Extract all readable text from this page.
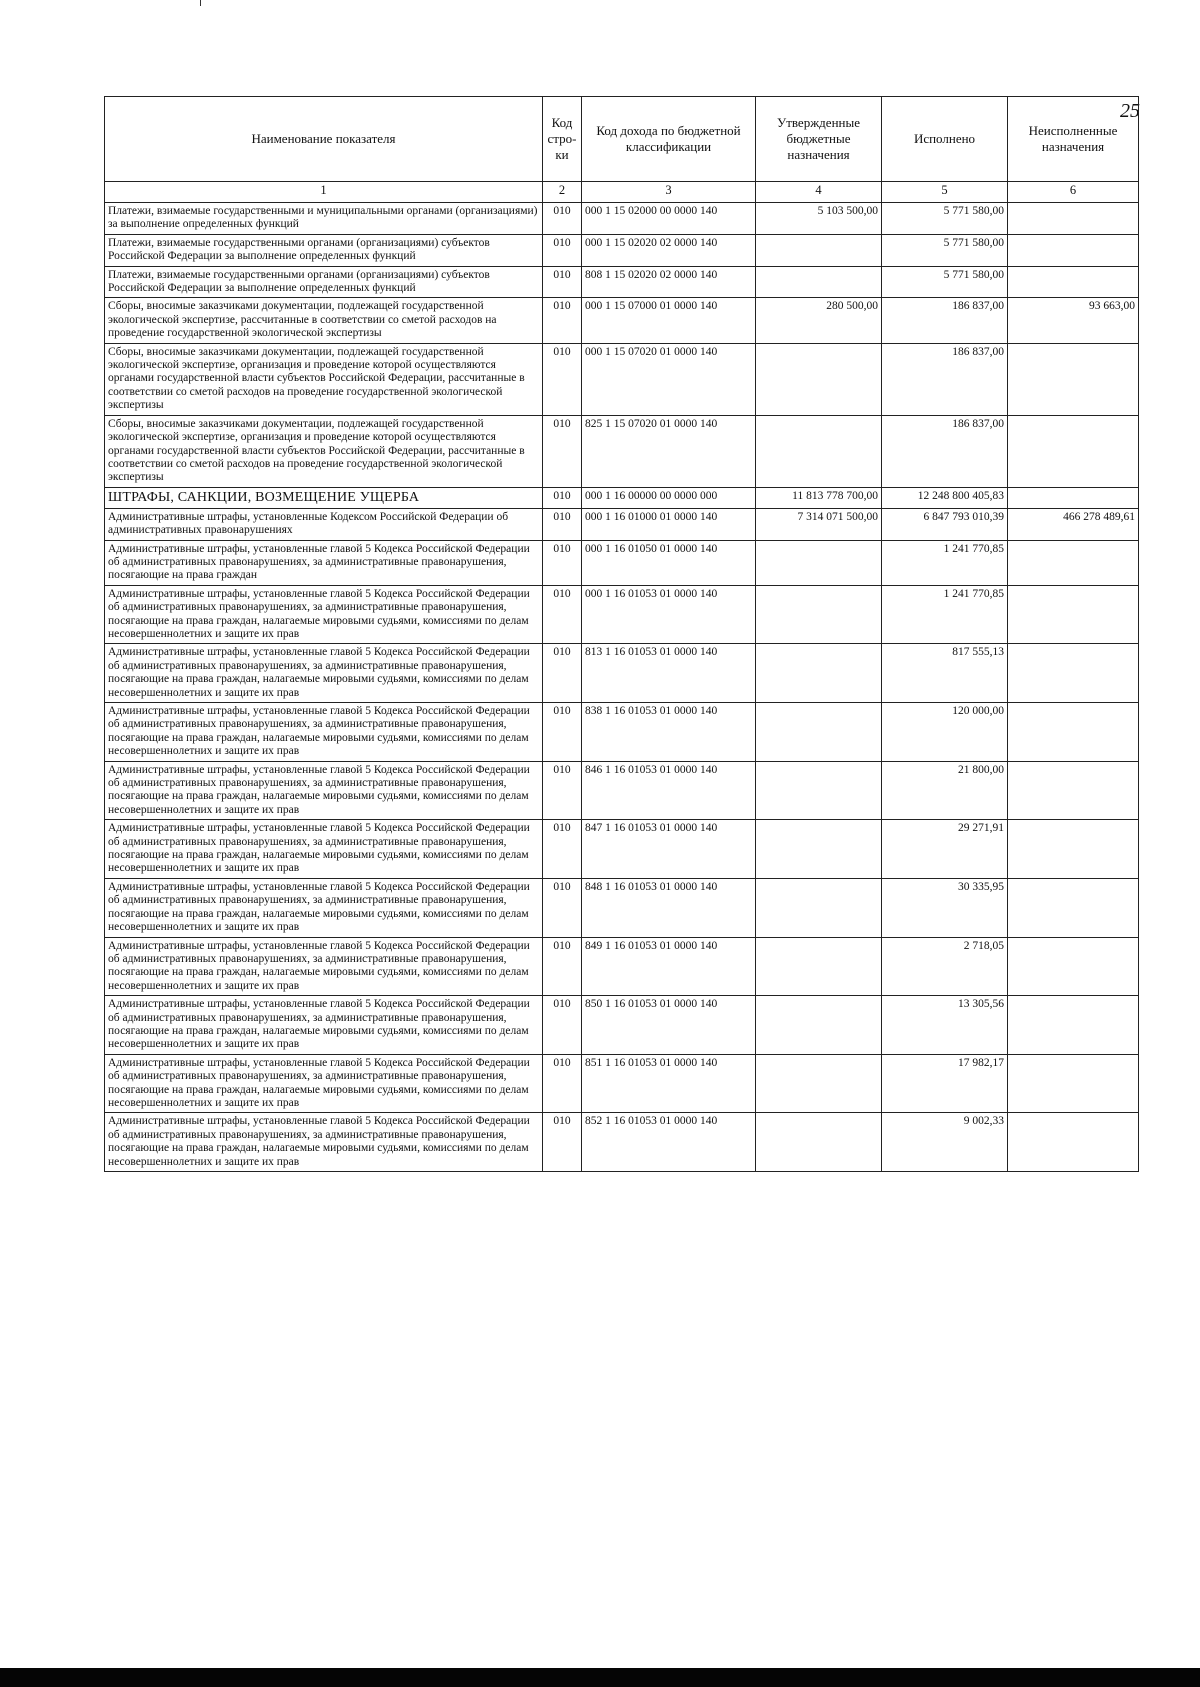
25
Наименование показателя	Код стро- ки	Код дохода по бюджетной классификации	Утвержденные бюджетные назначения	Исполнено	Неисполненные назначения
1	2	3	4	5	6
Платежи, взимаемые государственными и муниципальными органами (организациями) за выполнение определенных функций	010	000 1 15 02000 00 0000 140	5 103 500,00	5 771 580,00	
Платежи, взимаемые государственными органами (организациями) субъектов Российской Федерации за выполнение определенных функций	010	000 1 15 02020 02 0000 140		5 771 580,00	
Платежи, взимаемые государственными органами (организациями) субъектов Российской Федерации за выполнение определенных функций	010	808 1 15 02020 02 0000 140		5 771 580,00	
Сборы, вносимые заказчиками документации, подлежащей государственной экологической экспертизе, рассчитанные в соответствии со сметой расходов на проведение государственной экологической экспертизы	010	000 1 15 07000 01 0000 140	280 500,00	186 837,00	93 663,00
Сборы, вносимые заказчиками документации, подлежащей государственной экологической экспертизе, организация и проведение которой осуществляются органами государственной власти субъектов Российской Федерации, рассчитанные в соответствии со сметой расходов на проведение государственной экологической экспертизы	010	000 1 15 07020 01 0000 140		186 837,00	
Сборы, вносимые заказчиками документации, подлежащей государственной экологической экспертизе, организация и проведение которой осуществляются органами государственной власти субъектов Российской Федерации, рассчитанные в соответствии со сметой расходов на проведение государственной экологической экспертизы	010	825 1 15 07020 01 0000 140		186 837,00	
ШТРАФЫ, САНКЦИИ, ВОЗМЕЩЕНИЕ УЩЕРБА	010	000 1 16 00000 00 0000 000	11 813 778 700,00	12 248 800 405,83	
Административные штрафы, установленные Кодексом Российской Федерации об административных правонарушениях	010	000 1 16 01000 01 0000 140	7 314 071 500,00	6 847 793 010,39	466 278 489,61
Административные штрафы, установленные главой 5 Кодекса Российской Федерации об административных правонарушениях, за административные правонарушения, посягающие на права граждан	010	000 1 16 01050 01 0000 140		1 241 770,85	
Административные штрафы, установленные главой 5 Кодекса Российской Федерации об административных правонарушениях, за административные правонарушения, посягающие на права граждан, налагаемые мировыми судьями, комиссиями по делам несовершеннолетних и защите их прав	010	000 1 16 01053 01 0000 140		1 241 770,85	
Административные штрафы, установленные главой 5 Кодекса Российской Федерации об административных правонарушениях, за административные правонарушения, посягающие на права граждан, налагаемые мировыми судьями, комиссиями по делам несовершеннолетних и защите их прав	010	813 1 16 01053 01 0000 140		817 555,13	
Административные штрафы, установленные главой 5 Кодекса Российской Федерации об административных правонарушениях, за административные правонарушения, посягающие на права граждан, налагаемые мировыми судьями, комиссиями по делам несовершеннолетних и защите их прав	010	838 1 16 01053 01 0000 140		120 000,00	
Административные штрафы, установленные главой 5 Кодекса Российской Федерации об административных правонарушениях, за административные правонарушения, посягающие на права граждан, налагаемые мировыми судьями, комиссиями по делам несовершеннолетних и защите их прав	010	846 1 16 01053 01 0000 140		21 800,00	
Административные штрафы, установленные главой 5 Кодекса Российской Федерации об административных правонарушениях, за административные правонарушения, посягающие на права граждан, налагаемые мировыми судьями, комиссиями по делам несовершеннолетних и защите их прав	010	847 1 16 01053 01 0000 140		29 271,91	
Административные штрафы, установленные главой 5 Кодекса Российской Федерации об административных правонарушениях, за административные правонарушения, посягающие на права граждан, налагаемые мировыми судьями, комиссиями по делам несовершеннолетних и защите их прав	010	848 1 16 01053 01 0000 140		30 335,95	
Административные штрафы, установленные главой 5 Кодекса Российской Федерации об административных правонарушениях, за административные правонарушения, посягающие на права граждан, налагаемые мировыми судьями, комиссиями по делам несовершеннолетних и защите их прав	010	849 1 16 01053 01 0000 140		2 718,05	
Административные штрафы, установленные главой 5 Кодекса Российской Федерации об административных правонарушениях, за административные правонарушения, посягающие на права граждан, налагаемые мировыми судьями, комиссиями по делам несовершеннолетних и защите их прав	010	850 1 16 01053 01 0000 140		13 305,56	
Административные штрафы, установленные главой 5 Кодекса Российской Федерации об административных правонарушениях, за административные правонарушения, посягающие на права граждан, налагаемые мировыми судьями, комиссиями по делам несовершеннолетних и защите их прав	010	851 1 16 01053 01 0000 140		17 982,17	
Административные штрафы, установленные главой 5 Кодекса Российской Федерации об административных правонарушениях, за административные правонарушения, посягающие на права граждан, налагаемые мировыми судьями, комиссиями по делам несовершеннолетних и защите их прав	010	852 1 16 01053 01 0000 140		9 002,33	
